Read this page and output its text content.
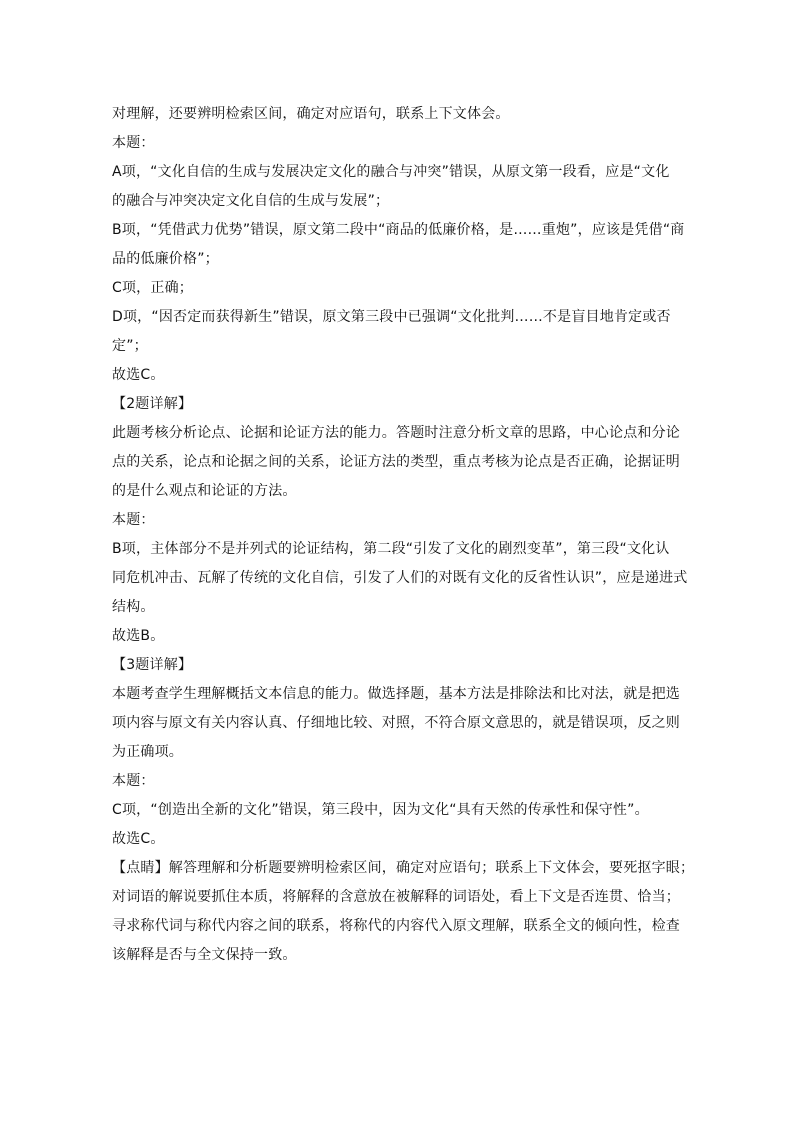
对理解，还要辨明检索区间，确定对应语句，联系上下文体会。
本题：
A项，“文化自信的生成与发展决定文化的融合与冲突”错误，从原文第一段看，应是“文化
的融合与冲突决定文化自信的生成与发展”；
B项，“凭借武力优势”错误，原文第二段中“商品的低廉价格，是……重炮”，应该是凭借“商
品的低廉价格”；
C项，正确；
D项，“因否定而获得新生”错误，原文第三段中已强调“文化批判……不是盲目地肯定或否
定”；
故选C。
【2题详解】
此题考核分析论点、论据和论证方法的能力。答题时注意分析文章的思路，中心论点和分论
点的关系，论点和论据之间的关系，论证方法的类型，重点考核为论点是否正确，论据证明
的是什么观点和论证的方法。
本题：
B项，主体部分不是并列式的论证结构，第二段“引发了文化的剧烈变革”，第三段“文化认
同危机冲击、瓦解了传统的文化自信，引发了人们的对既有文化的反省性认识”，应是递进式
结构。
故选B。
【3题详解】
本题考查学生理解概括文本信息的能力。做选择题，基本方法是排除法和比对法，就是把选
项内容与原文有关内容认真、仔细地比较、对照，不符合原文意思的，就是错误项，反之则
为正确项。
本题：
C项，“创造出全新的文化”错误，第三段中，因为文化“具有天然的传承性和保守性”。
故选C。
【点睛】解答理解和分析题要辨明检索区间，确定对应语句；联系上下文体会，要死抠字眼；
对词语的解说要抓住本质，将解释的含意放在被解释的词语处，看上下文是否连贯、恰当；
寻求称代词与称代内容之间的联系，将称代的内容代入原文理解，联系全文的倾向性，检查
该解释是否与全文保持一致。
